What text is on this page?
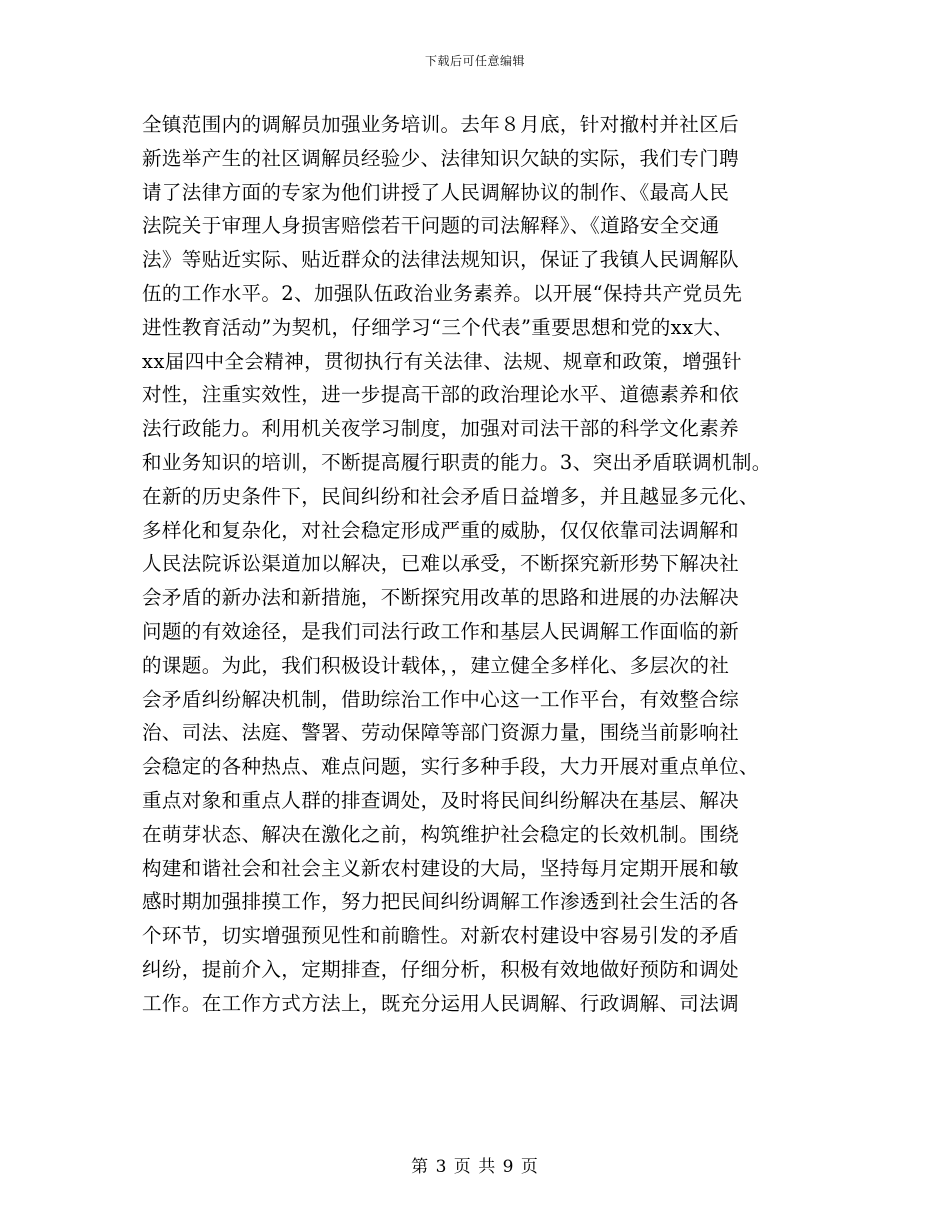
下载后可任意编辑
全镇范围内的调解员加强业务培训。去年８月底，针对撤村并社区后
新选举产生的社区调解员经验少、法律知识欠缺的实际，我们专门聘
请了法律方面的专家为他们讲授了人民调解协议的制作、《最高人民
法院关于审理人身损害赔偿若干问题的司法解释》、《道路安全交通
法》等贴近实际、贴近群众的法律法规知识，保证了我镇人民调解队
伍的工作水平。2、加强队伍政治业务素养。以开展“保持共产党员先
进性教育活动”为契机，仔细学习“三个代表”重要思想和党的xx大、
xx届四中全会精神，贯彻执行有关法律、法规、规章和政策，增强针
对性，注重实效性，进一步提高干部的政治理论水平、道德素养和依
法行政能力。利用机关夜学习制度，加强对司法干部的科学文化素养
和业务知识的培训，不断提高履行职责的能力。3、突出矛盾联调机制。
在新的历史条件下，民间纠纷和社会矛盾日益增多，并且越显多元化、
多样化和复杂化，对社会稳定形成严重的威胁，仅仅依靠司法调解和
人民法院诉讼渠道加以解决，已难以承受，不断探究新形势下解决社
会矛盾的新办法和新措施，不断探究用改革的思路和进展的办法解决
问题的有效途径，是我们司法行政工作和基层人民调解工作面临的新
的课题。为此，我们积极设计载体，，建立健全多样化、多层次的社
会矛盾纠纷解决机制，借助综治工作中心这一工作平台，有效整合综
治、司法、法庭、警署、劳动保障等部门资源力量，围绕当前影响社
会稳定的各种热点、难点问题，实行多种手段，大力开展对重点单位、
重点对象和重点人群的排查调处，及时将民间纠纷解决在基层、解决
在萌芽状态、解决在激化之前，构筑维护社会稳定的长效机制。围绕
构建和谐社会和社会主义新农村建设的大局，坚持每月定期开展和敏
感时期加强排摸工作，努力把民间纠纷调解工作渗透到社会生活的各
个环节，切实增强预见性和前瞻性。对新农村建设中容易引发的矛盾
纠纷，提前介入，定期排查，仔细分析，积极有效地做好预防和调处
工作。在工作方式方法上，既充分运用人民调解、行政调解、司法调
第 3 页 共 9 页
